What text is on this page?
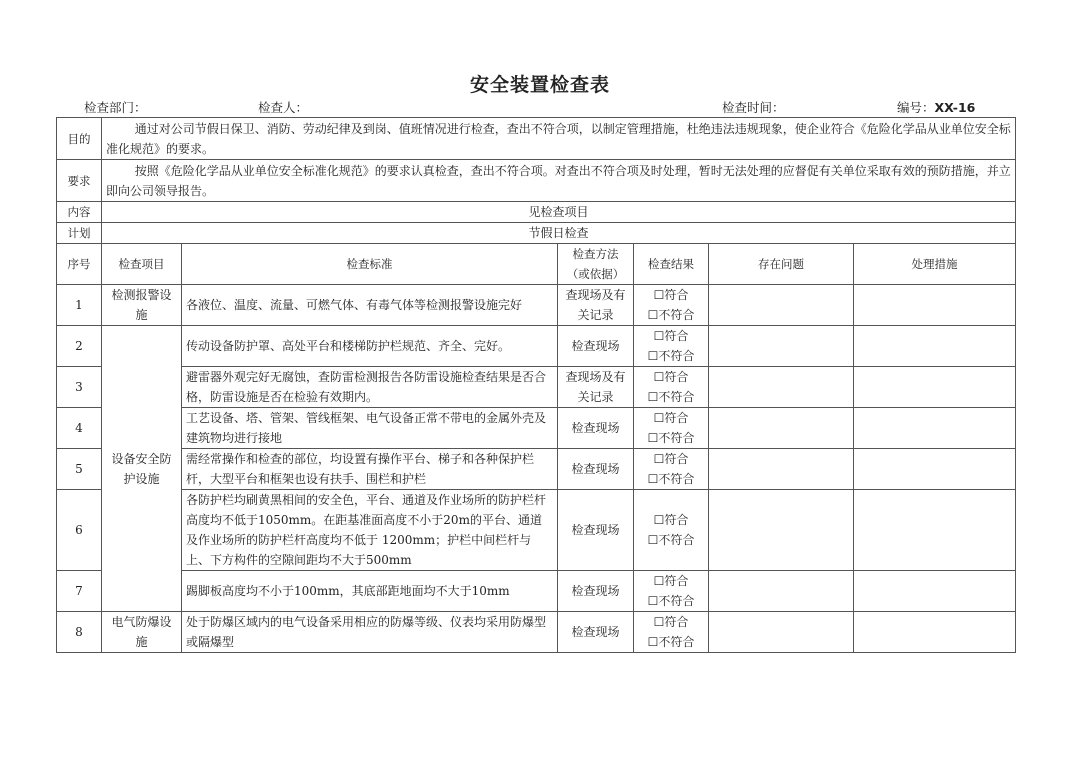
安全装置检查表
检查部门：	检查人：	检查时间：	编号：XX-16
目的	通过对公司节假日保卫、消防、劳动纪律及到岗、值班情况进行检查，查出不符合项，以制定管理措施，杜绝违法违规现象，使企业符合《危险化学品从业单位安全标准化规范》的要求。					
要求	按照《危险化学品从业单位安全标准化规范》的要求认真检查，查出不符合项。对查出不符合项及时处理，暂时无法处理的应督促有关单位采取有效的预防措施，并立即向公司领导报告。					
内容	见检查项目					
计划	节假日检查					
序号	检查项目	检查标准	检查方法（或依据）	检查结果	存在问题	处理措施
1	检测报警设施	各液位、温度、流量、可燃气体、有毒气体等检测报警设施完好	查现场及有关记录	☐符合
☐不符合		

2	设备安全防护设施	传动设备防护罩、高处平台和楼梯防护栏规范、齐全、完好。	检查现场	☐符合
☐不符合		

3		避雷器外观完好无腐蚀，查防雷检测报告各防雷设施检查结果是否合格，防雷设施是否在检验有效期内。	查现场及有关记录	☐符合
☐不符合		

4		工艺设备、塔、管架、管线框架、电气设备正常不带电的金属外壳及建筑物均进行接地	检查现场	☐符合
☐不符合		

5		需经常操作和检查的部位，均设置有操作平台、梯子和各种保护栏杆，大型平台和框架也设有扶手、围栏和护栏	检查现场	☐符合
☐不符合		

6		各防护栏均刷黄黑相间的安全色，平台、通道及作业场所的防护栏杆高度均不低于1050mm。在距基准面高度不小于20m的平台、通道及作业场所的防护栏杆高度均不低于 1200mm；护栏中间栏杆与上、下方构件的空隙间距均不大于500mm	检查现场	☐符合
☐不符合		

7		踢脚板高度均不小于100mm，其底部距地面均不大于10mm	检查现场	☐符合
☐不符合		

8	电气防爆设施	处于防爆区域内的电气设备采用相应的防爆等级、仪表均采用防爆型或隔爆型	检查现场	☐符合
☐不符合		
